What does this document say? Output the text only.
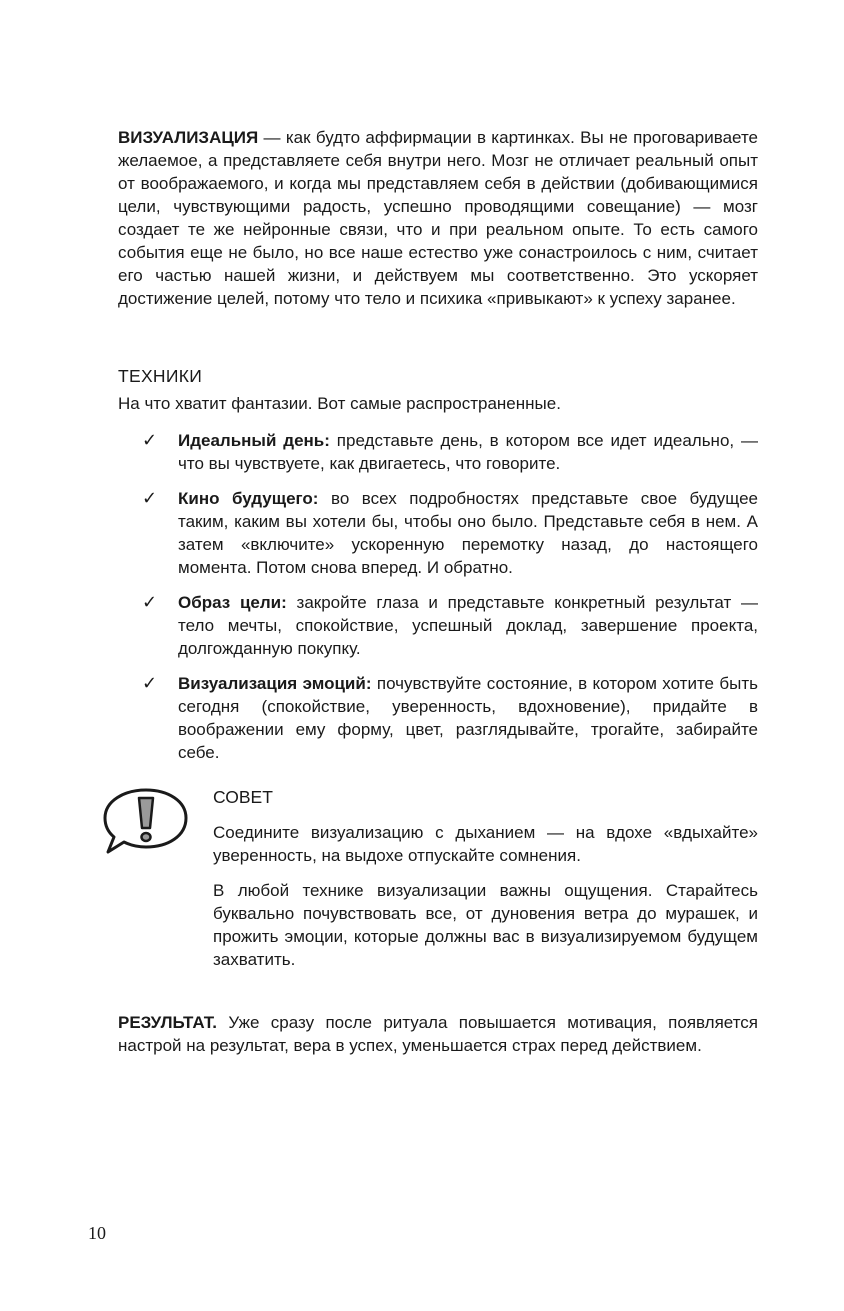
ВИЗУАЛИЗАЦИЯ — как будто аффирмации в картинках. Вы не проговариваете желаемое, а представляете себя внутри него. Мозг не отличает реальный опыт от воображаемого, и когда мы представляем себя в действии (добивающимися цели, чувствующими радость, успешно проводящими совещание) — мозг создает те же нейронные связи, что и при реальном опыте. То есть самого события еще не было, но все наше естество уже сонастроилось с ним, считает его частью нашей жизни, и действуем мы соответственно. Это ускоряет достижение целей, потому что тело и психика «привыкают» к успеху заранее.

ТЕХНИКИ

На что хватит фантазии. Вот самые распространенные.

✓ Идеальный день: представьте день, в котором все идет идеально, — что вы чувствуете, как двигаетесь, что говорите.

✓ Кино будущего: во всех подробностях представьте свое будущее таким, каким вы хотели бы, чтобы оно было. Представьте себя в нем. А затем «включите» ускоренную перемотку назад, до настоящего момента. Потом снова вперед. И обратно.

✓ Образ цели: закройте глаза и представьте конкретный результат — тело мечты, спокойствие, успешный доклад, завершение проекта, долгожданную покупку.

✓ Визуализация эмоций: почувствуйте состояние, в котором хотите быть сегодня (спокойствие, уверенность, вдохновение), придайте в воображении ему форму, цвет, разглядывайте, трогайте, забирайте себе.

СОВЕТ

Соедините визуализацию с дыханием — на вдохе «вдыхайте» уверенность, на выдохе отпускайте сомнения.

В любой технике визуализации важны ощущения. Старайтесь буквально почувствовать все, от дуновения ветра до мурашек, и прожить эмоции, которые должны вас в визуализируемом будущем захватить.

РЕЗУЛЬТАТ. Уже сразу после ритуала повышается мотивация, появляется настрой на результат, вера в успех, уменьшается страх перед действием.

10
